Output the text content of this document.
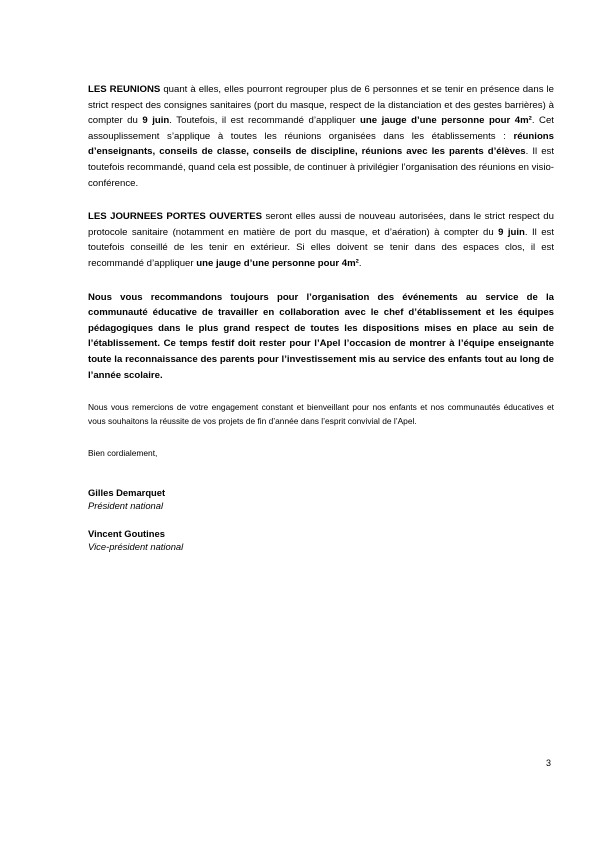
LES REUNIONS quant à elles, elles pourront regrouper plus de 6 personnes et se tenir en présence dans le strict respect des consignes sanitaires (port du masque, respect de la distanciation et des gestes barrières) à compter du 9 juin. Toutefois, il est recommandé d’appliquer une jauge d’une personne pour 4m². Cet assouplissement s’applique à toutes les réunions organisées dans les établissements : réunions d’enseignants, conseils de classe, conseils de discipline, réunions avec les parents d’élèves. Il est toutefois recommandé, quand cela est possible, de continuer à privilégier l’organisation des réunions en visio-conférence.

LES JOURNEES PORTES OUVERTES seront elles aussi de nouveau autorisées, dans le strict respect du protocole sanitaire (notamment en matière de port du masque, et d’aération) à compter du 9 juin. Il est toutefois conseillé de les tenir en extérieur. Si elles doivent se tenir dans des espaces clos, il est recommandé d’appliquer une jauge d’une personne pour 4m².

Nous vous recommandons toujours pour l’organisation des événements au service de la communauté éducative de travailler en collaboration avec le chef d’établissement et les équipes pédagogiques dans le plus grand respect de toutes les dispositions mises en place au sein de l’établissement. Ce temps festif doit rester pour l’Apel l’occasion de montrer à l’équipe enseignante toute la reconnaissance des parents pour l’investissement mis au service des enfants tout au long de l’année scolaire.

Nous vous remercions de votre engagement constant et bienveillant pour nos enfants et nos communautés éducatives et vous souhaitons la réussite de vos projets de fin d’année dans l’esprit convivial de l’Apel.

Bien cordialement,
Gilles Demarquet
Président national
Vincent Goutines
Vice-président national
3
